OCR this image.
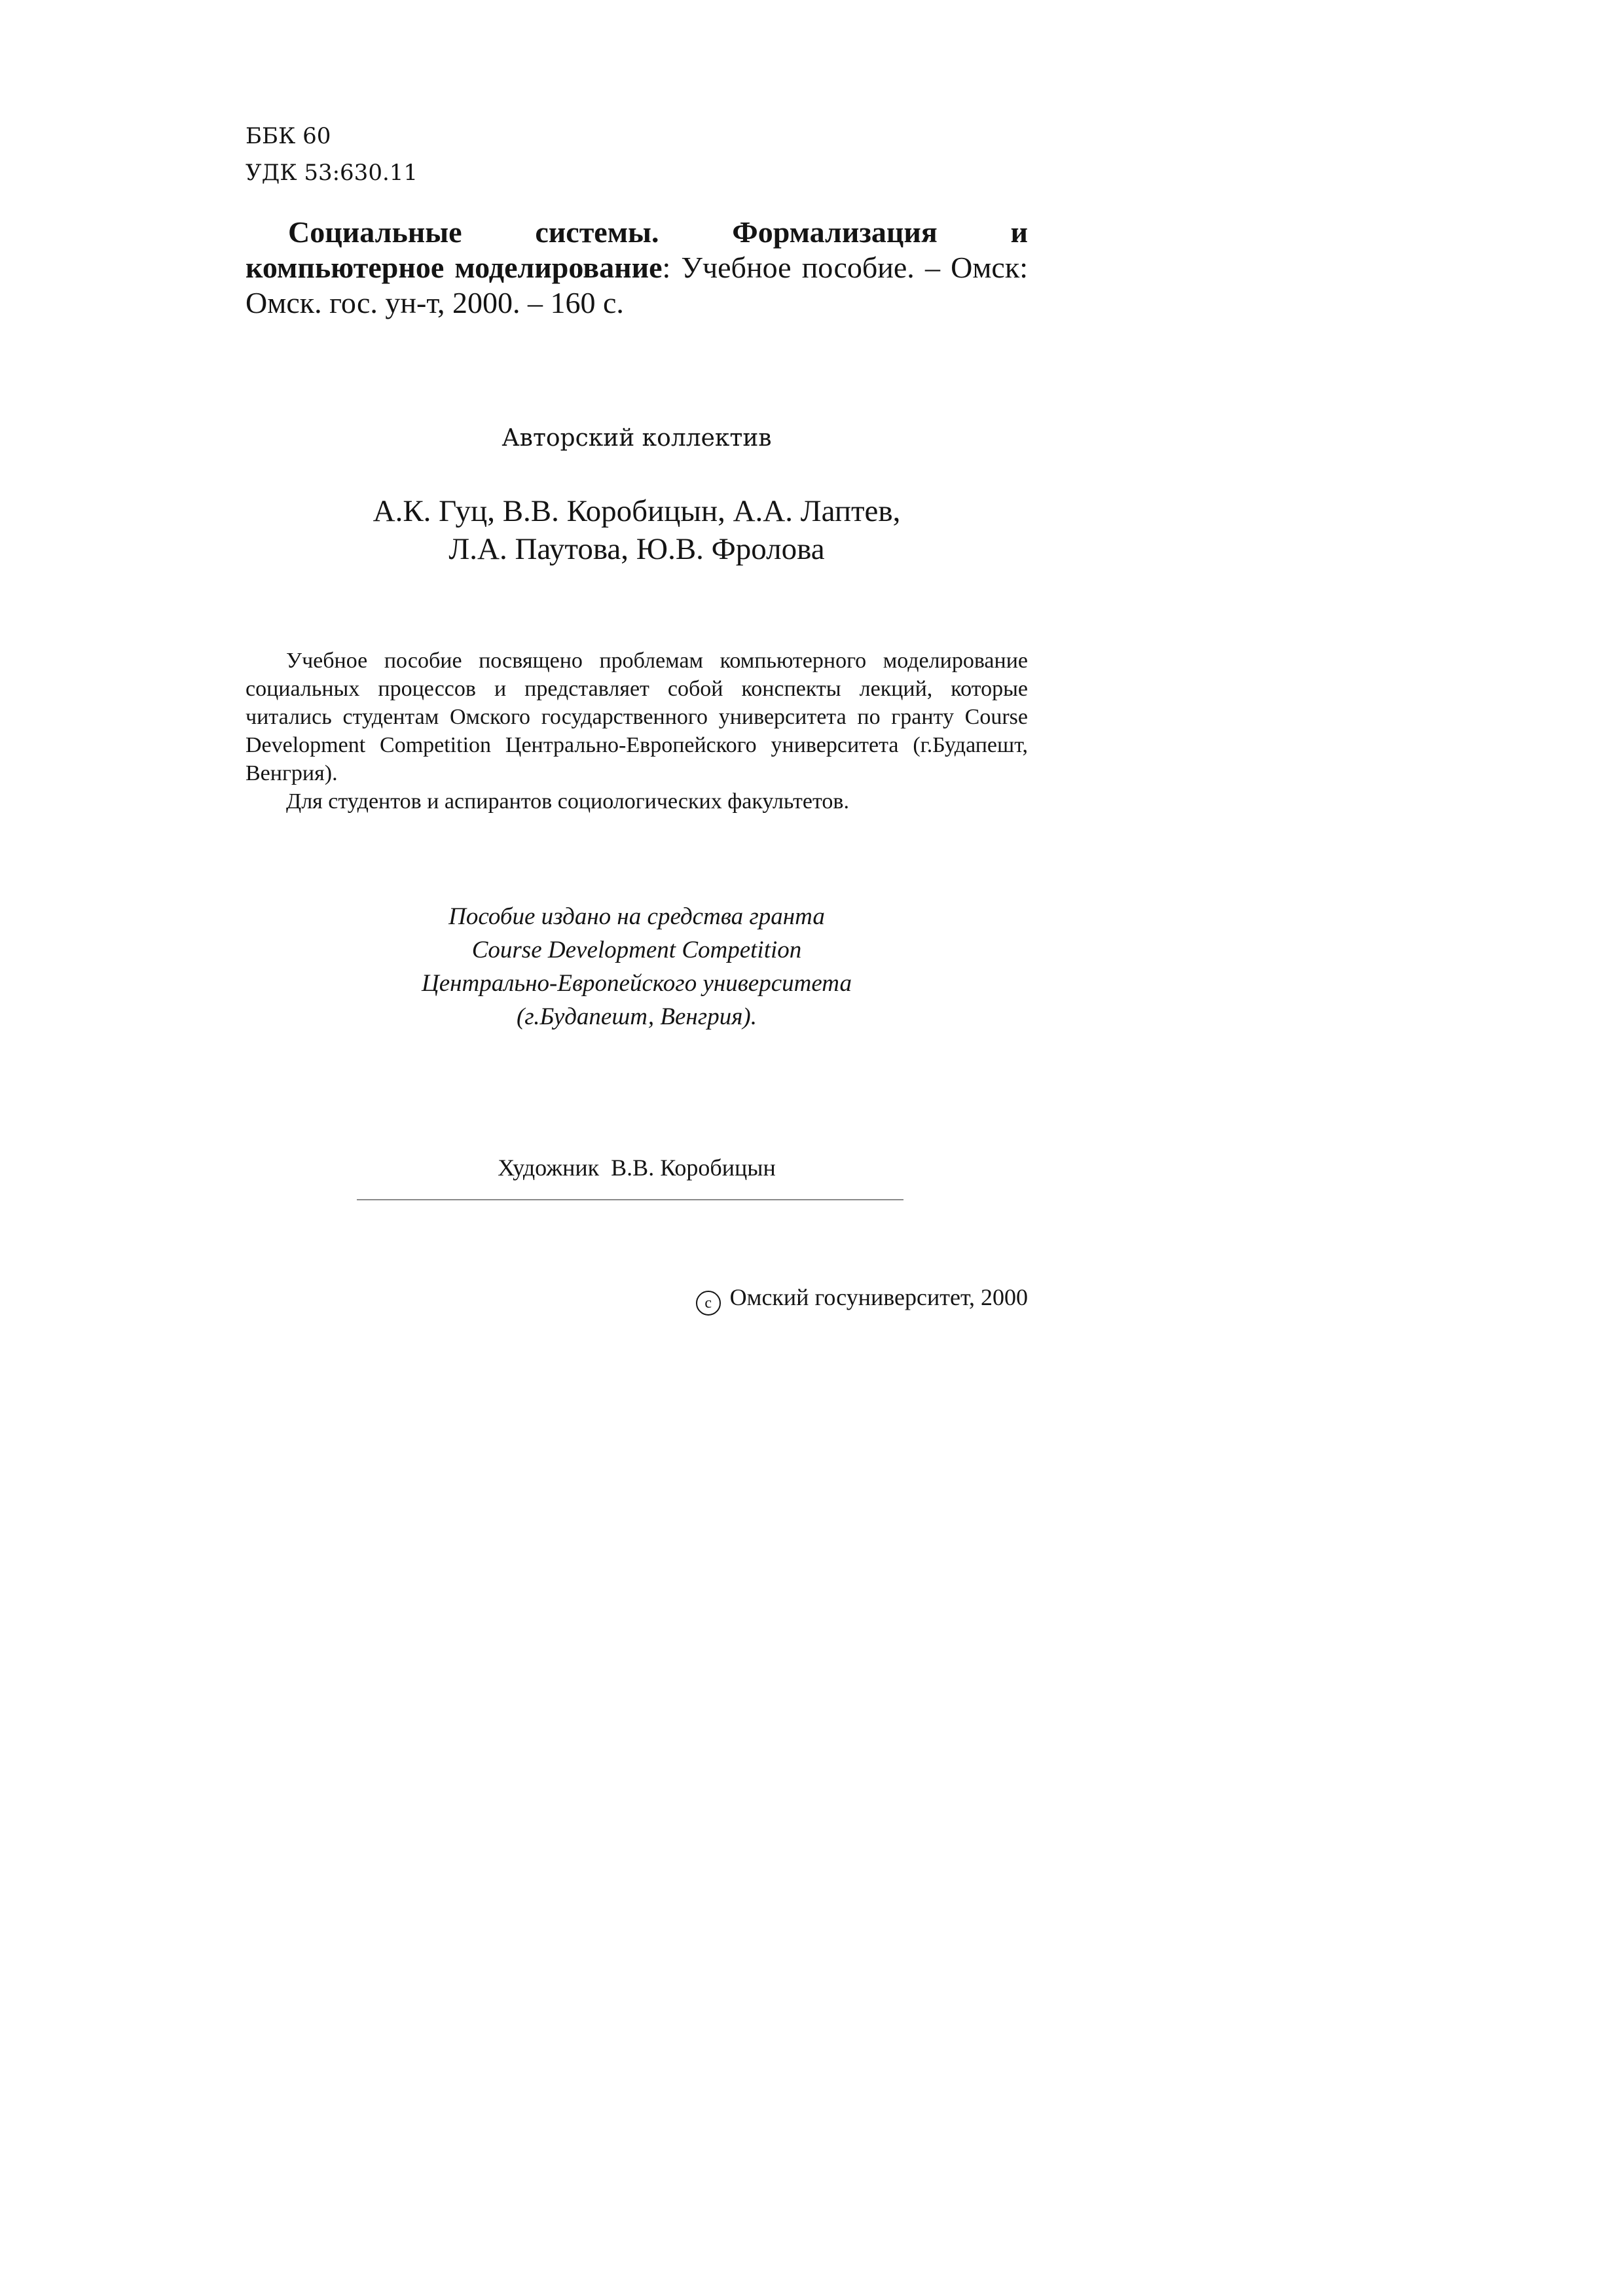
ББК 60
УДК 53:630.11
Социальные системы. Формализация и компьютерное моделирование: Учебное пособие. – Омск: Омск. гос. ун-т, 2000. – 160 с.
Авторский коллектив
А.К. Гуц, В.В. Коробицын, А.А. Лаптев,
Л.А. Паутова, Ю.В. Фролова

Учебное пособие посвящено проблемам компьютерного моделирование социальных процессов и представляет собой конспекты лекций, которые читались студентам Омского государственного университета по гранту Course Development Competition Центрально-Европейского университета (г.Будапешт, Венгрия).

Для студентов и аспирантов социологических факультетов.

Пособие издано на средства гранта
Course Development Competition
Центрально-Европейского университета
(г.Будапешт, Венгрия).
Художник В.В. Коробицын
c Омский госуниверситет, 2000
